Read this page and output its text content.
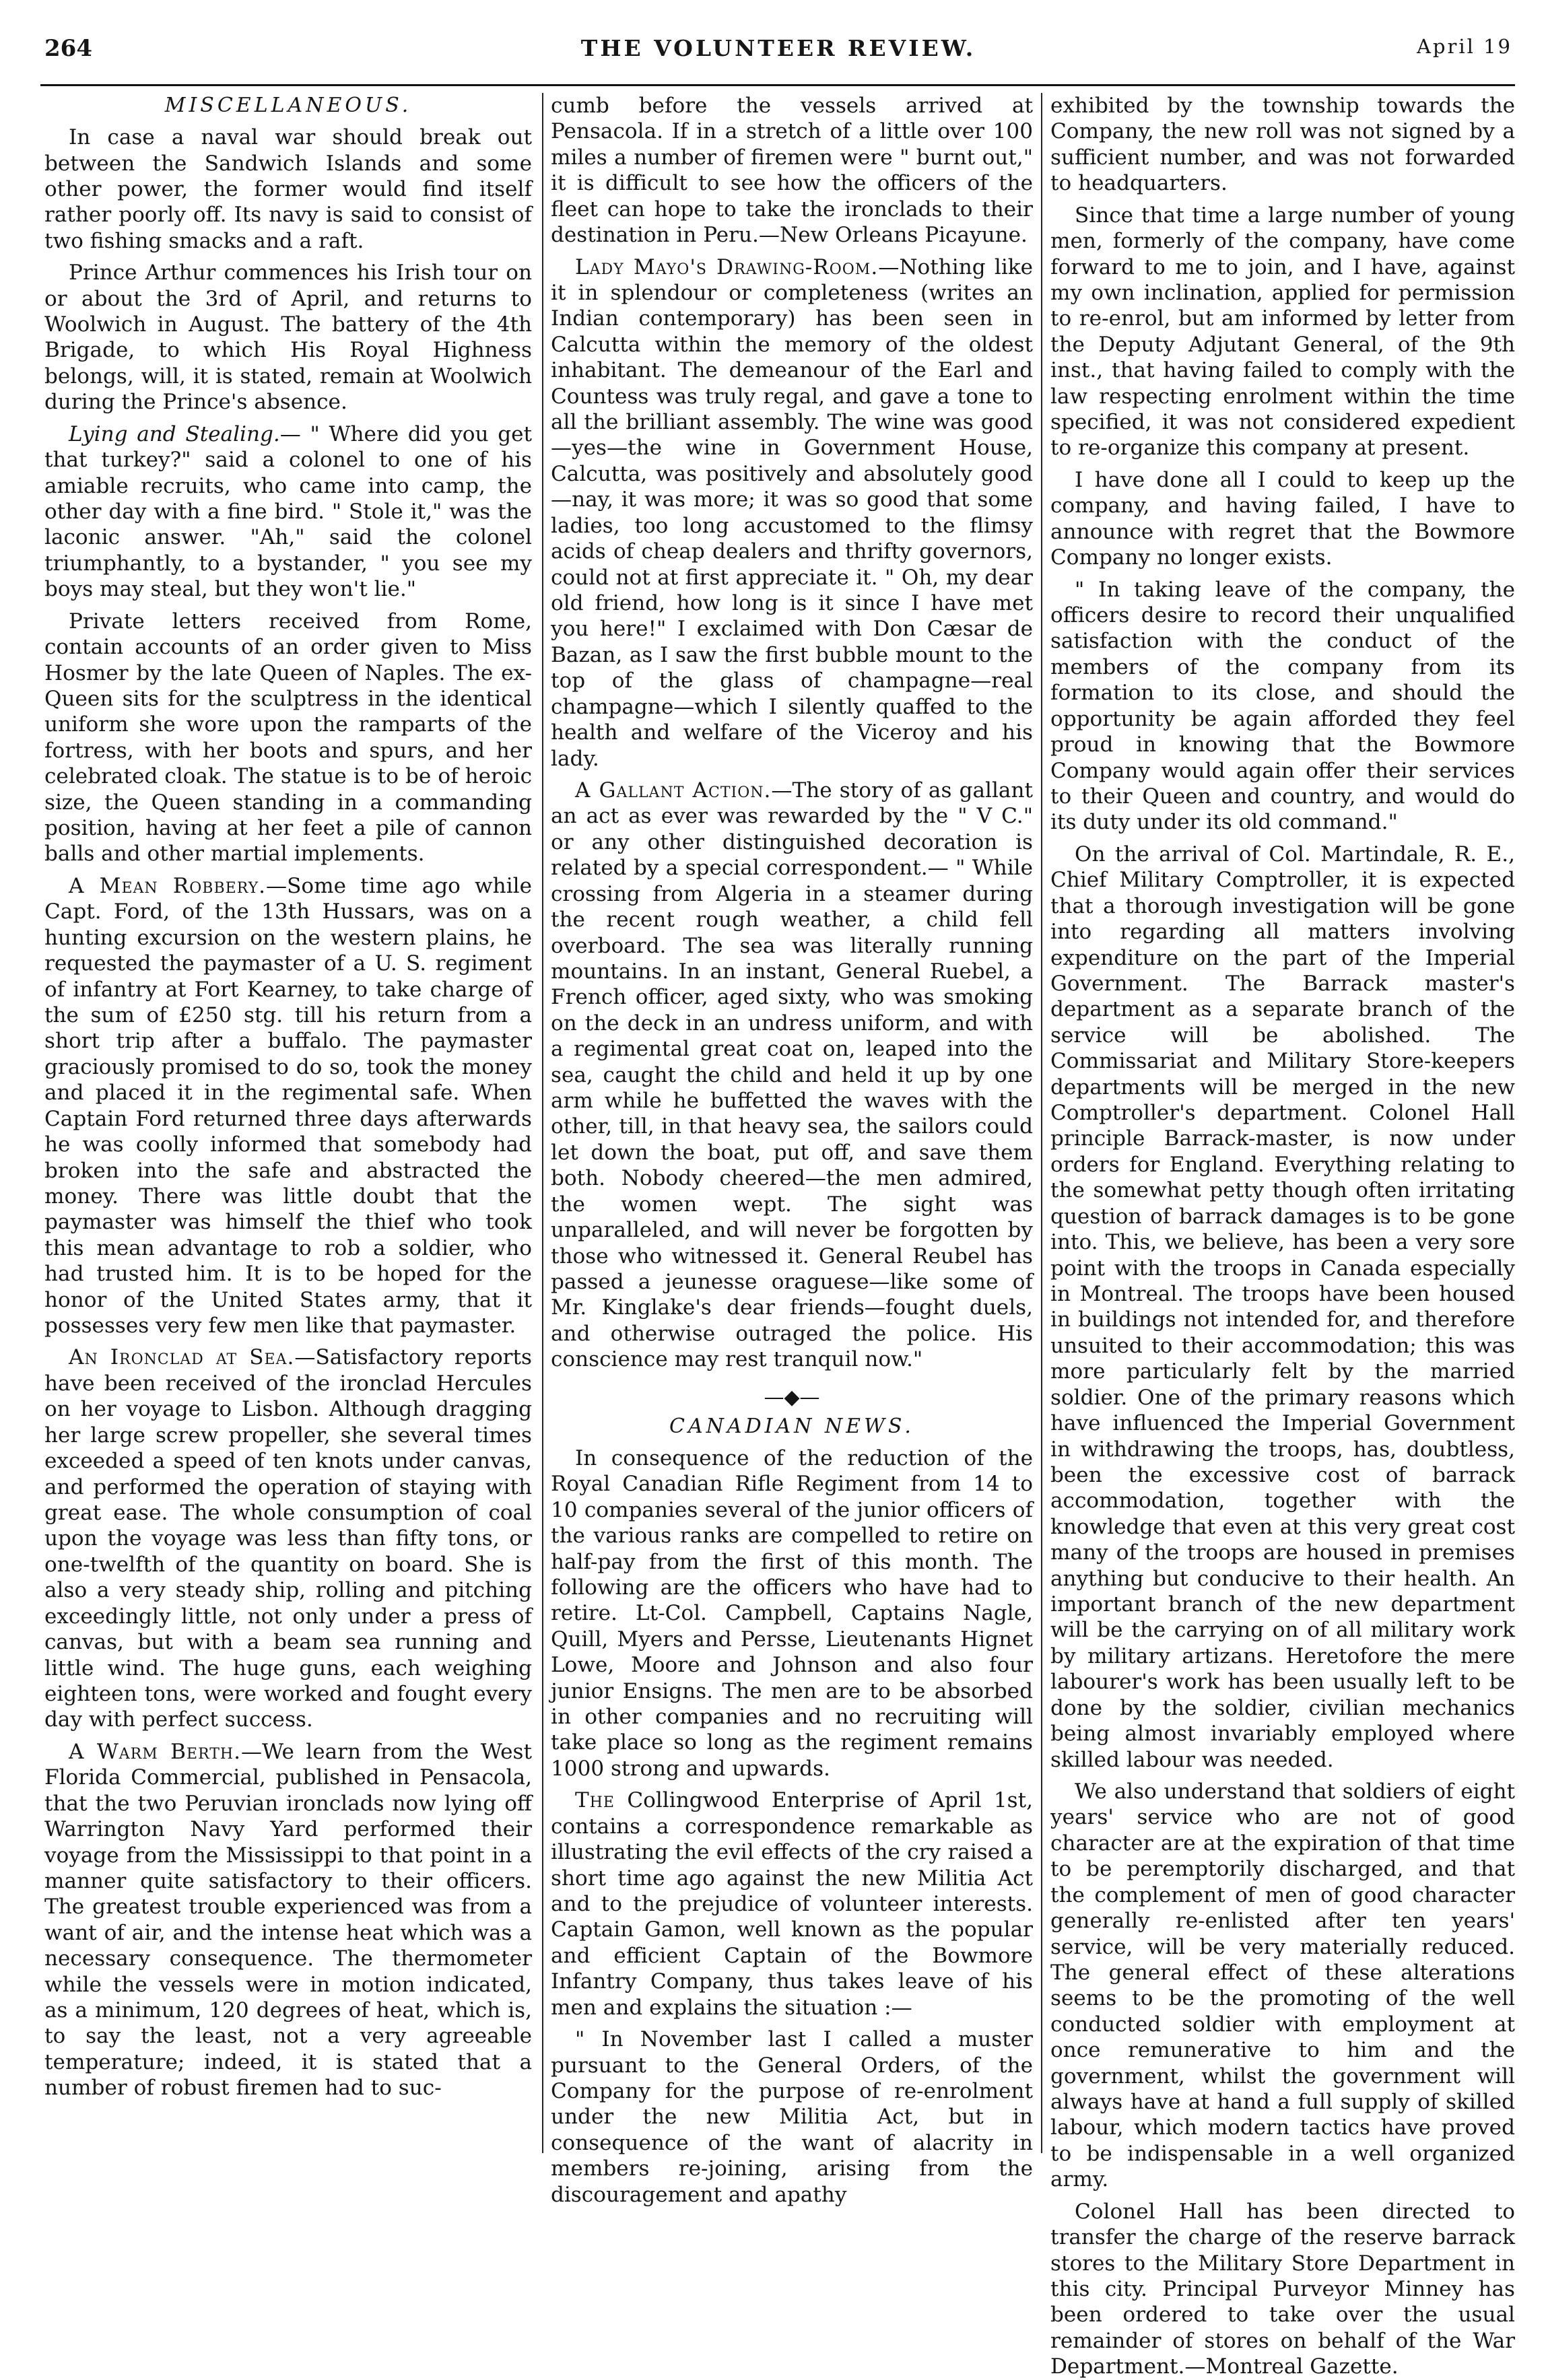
264	THE VOLUNTEER REVIEW.	April 19
MISCELLANEOUS.

In case a naval war should break out between the Sandwich Islands and some other power, the former would find itself rather poorly off. Its navy is said to consist of two fishing smacks and a raft.

Prince Arthur commences his Irish tour on or about the 3rd of April, and returns to Woolwich in August. The battery of the 4th Brigade, to which His Royal Highness belongs, will, it is stated, remain at Woolwich during the Prince's absence.

Lying and Stealing.— " Where did you get that turkey?" said a colonel to one of his amiable recruits, who came into camp, the other day with a fine bird. " Stole it," was the laconic answer. "Ah," said the colonel triumphantly, to a bystander, " you see my boys may steal, but they won't lie."

Private letters received from Rome, contain accounts of an order given to Miss Hosmer by the late Queen of Naples. The ex-Queen sits for the sculptress in the identical uniform she wore upon the ramparts of the fortress, with her boots and spurs, and her celebrated cloak. The statue is to be of heroic size, the Queen standing in a commanding position, having at her feet a pile of cannon balls and other martial implements.

A Mean Robbery.—Some time ago while Capt. Ford, of the 13th Hussars, was on a hunting excursion on the western plains, he requested the paymaster of a U. S. regiment of infantry at Fort Kearney, to take charge of the sum of £250 stg. till his return from a short trip after a buffalo. The paymaster graciously promised to do so, took the money and placed it in the regimental safe. When Captain Ford returned three days afterwards he was coolly informed that somebody had broken into the safe and abstracted the money. There was little doubt that the paymaster was himself the thief who took this mean advantage to rob a soldier, who had trusted him. It is to be hoped for the honor of the United States army, that it possesses very few men like that paymaster.

An Ironclad at Sea.—Satisfactory reports have been received of the ironclad Hercules on her voyage to Lisbon. Although dragging her large screw propeller, she several times exceeded a speed of ten knots under canvas, and performed the operation of staying with great ease. The whole consumption of coal upon the voyage was less than fifty tons, or one-twelfth of the quantity on board. She is also a very steady ship, rolling and pitching exceedingly little, not only under a press of canvas, but with a beam sea running and little wind. The huge guns, each weighing eighteen tons, were worked and fought every day with perfect success.

A Warm Berth.—We learn from the West Florida Commercial, published in Pensacola, that the two Peruvian ironclads now lying off Warrington Navy Yard performed their voyage from the Mississippi to that point in a manner quite satisfactory to their officers. The greatest trouble experienced was from a want of air, and the intense heat which was a necessary consequence. The thermometer while the vessels were in motion indicated, as a minimum, 120 degrees of heat, which is, to say the least, not a very agreeable temperature; indeed, it is stated that a number of robust firemen had to suc-

cumb before the vessels arrived at Pensacola. If in a stretch of a little over 100 miles a number of firemen were " burnt out," it is difficult to see how the officers of the fleet can hope to take the ironclads to their destination in Peru.—New Orleans Picayune.

Lady Mayo's Drawing-Room.—Nothing like it in splendour or completeness (writes an Indian contemporary) has been seen in Calcutta within the memory of the oldest inhabitant. The demeanour of the Earl and Countess was truly regal, and gave a tone to all the brilliant assembly. The wine was good—yes—the wine in Government House, Calcutta, was positively and absolutely good—nay, it was more; it was so good that some ladies, too long accustomed to the flimsy acids of cheap dealers and thrifty governors, could not at first appreciate it. " Oh, my dear old friend, how long is it since I have met you here!" I exclaimed with Don Cæsar de Bazan, as I saw the first bubble mount to the top of the glass of champagne—real champagne—which I silently quaffed to the health and welfare of the Viceroy and his lady.

A Gallant Action.—The story of as gallant an act as ever was rewarded by the " V C." or any other distinguished decoration is related by a special correspondent.— " While crossing from Algeria in a steamer during the recent rough weather, a child fell overboard. The sea was literally running mountains. In an instant, General Ruebel, a French officer, aged sixty, who was smoking on the deck in an undress uniform, and with a regimental great coat on, leaped into the sea, caught the child and held it up by one arm while he buffetted the waves with the other, till, in that heavy sea, the sailors could let down the boat, put off, and save them both. Nobody cheered—the men admired, the women wept. The sight was unparalleled, and will never be forgotten by those who witnessed it. General Reubel has passed a jeunesse oraguese—like some of Mr. Kinglake's dear friends—fought duels, and otherwise outraged the police. His conscience may rest tranquil now."

—◆—
CANADIAN NEWS.

In consequence of the reduction of the Royal Canadian Rifle Regiment from 14 to 10 companies several of the junior officers of the various ranks are compelled to retire on half-pay from the first of this month. The following are the officers who have had to retire. Lt-Col. Campbell, Captains Nagle, Quill, Myers and Persse, Lieutenants Hignet Lowe, Moore and Johnson and also four junior Ensigns. The men are to be absorbed in other companies and no recruiting will take place so long as the regiment remains 1000 strong and upwards.

The Collingwood Enterprise of April 1st, contains a correspondence remarkable as illustrating the evil effects of the cry raised a short time ago against the new Militia Act and to the prejudice of volunteer interests. Captain Gamon, well known as the popular and efficient Captain of the Bowmore Infantry Company, thus takes leave of his men and explains the situation :—

" In November last I called a muster pursuant to the General Orders, of the Company for the purpose of re-enrolment under the new Militia Act, but in consequence of the want of alacrity in members re-joining, arising from the discouragement and apathy

exhibited by the township towards the Company, the new roll was not signed by a sufficient number, and was not forwarded to headquarters.

Since that time a large number of young men, formerly of the company, have come forward to me to join, and I have, against my own inclination, applied for permission to re-enrol, but am informed by letter from the Deputy Adjutant General, of the 9th inst., that having failed to comply with the law respecting enrolment within the time specified, it was not considered expedient to re-organize this company at present.

I have done all I could to keep up the company, and having failed, I have to announce with regret that the Bowmore Company no longer exists.

" In taking leave of the company, the officers desire to record their unqualified satisfaction with the conduct of the members of the company from its formation to its close, and should the opportunity be again afforded they feel proud in knowing that the Bowmore Company would again offer their services to their Queen and country, and would do its duty under its old command."

On the arrival of Col. Martindale, R. E., Chief Military Comptroller, it is expected that a thorough investigation will be gone into regarding all matters involving expenditure on the part of the Imperial Government. The Barrack master's department as a separate branch of the service will be abolished. The Commissariat and Military Store-keepers departments will be merged in the new Comptroller's department. Colonel Hall principle Barrack-master, is now under orders for England. Everything relating to the somewhat petty though often irritating question of barrack damages is to be gone into. This, we believe, has been a very sore point with the troops in Canada especially in Montreal. The troops have been housed in buildings not intended for, and therefore unsuited to their accommodation; this was more particularly felt by the married soldier. One of the primary reasons which have influenced the Imperial Government in withdrawing the troops, has, doubtless, been the excessive cost of barrack accommodation, together with the knowledge that even at this very great cost many of the troops are housed in premises anything but conducive to their health. An important branch of the new department will be the carrying on of all military work by military artizans. Heretofore the mere labourer's work has been usually left to be done by the soldier, civilian mechanics being almost invariably employed where skilled labour was needed.

We also understand that soldiers of eight years' service who are not of good character are at the expiration of that time to be peremptorily discharged, and that the complement of men of good character generally re-enlisted after ten years' service, will be very materially reduced. The general effect of these alterations seems to be the promoting of the well conducted soldier with employment at once remunerative to him and the government, whilst the government will always have at hand a full supply of skilled labour, which modern tactics have proved to be indispensable in a well organized army.

Colonel Hall has been directed to transfer the charge of the reserve barrack stores to the Military Store Department in this city. Principal Purveyor Minney has been ordered to take over the usual remainder of stores on behalf of the War Department.—Montreal Gazette.
